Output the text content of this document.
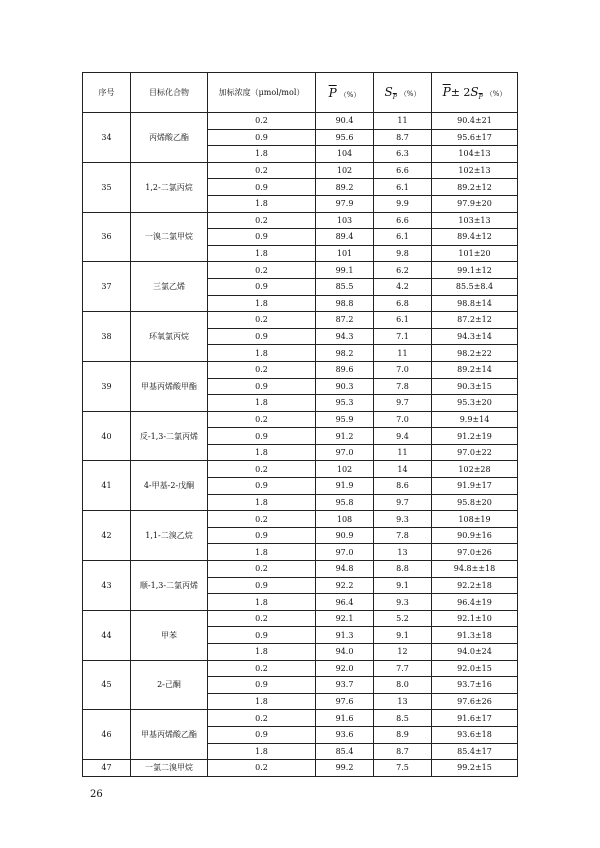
序号	目标化合物	加标浓度（μmol/mol）	$\overline{P}$ （%）	$S_{\overline{P}}$ （%）	$\overline{P}\pm 2S_{\overline{P}}$ （%）
34	丙烯酸乙酯	0.2	90.4	11	90.4±21
		0.9	95.6	8.7	95.6±17
		1.8	104	6.3	104±13
35	1,2-二氯丙烷	0.2	102	6.6	102±13
		0.9	89.2	6.1	89.2±12
		1.8	97.9	9.9	97.9±20
36	一溴二氯甲烷	0.2	103	6.6	103±13
		0.9	89.4	6.1	89.4±12
		1.8	101	9.8	101±20
37	三氯乙烯	0.2	99.1	6.2	99.1±12
		0.9	85.5	4.2	85.5±8.4
		1.8	98.8	6.8	98.8±14
38	环氧氯丙烷	0.2	87.2	6.1	87.2±12
		0.9	94.3	7.1	94.3±14
		1.8	98.2	11	98.2±22
39	甲基丙烯酸甲酯	0.2	89.6	7.0	89.2±14
		0.9	90.3	7.8	90.3±15
		1.8	95.3	9.7	95.3±20
40	反-1,3-二氯丙烯	0.2	95.9	7.0	9.9±14
		0.9	91.2	9.4	91.2±19
		1.8	97.0	11	97.0±22
41	4-甲基-2-戊酮	0.2	102	14	102±28
		0.9	91.9	8.6	91.9±17
		1.8	95.8	9.7	95.8±20
42	1,1-二溴乙烷	0.2	108	9.3	108±19
		0.9	90.9	7.8	90.9±16
		1.8	97.0	13	97.0±26
43	顺-1,3-二氯丙烯	0.2	94.8	8.8	94.8±±18
		0.9	92.2	9.1	92.2±18
		1.8	96.4	9.3	96.4±19
44	甲苯	0.2	92.1	5.2	92.1±10
		0.9	91.3	9.1	91.3±18
		1.8	94.0	12	94.0±24
45	2-己酮	0.2	92.0	7.7	92.0±15
		0.9	93.7	8.0	93.7±16
		1.8	97.6	13	97.6±26
46	甲基丙烯酸乙酯	0.2	91.6	8.5	91.6±17
		0.9	93.6	8.9	93.6±18
		1.8	85.4	8.7	85.4±17
47	一氯二溴甲烷	0.2	99.2	7.5	99.2±15
26
